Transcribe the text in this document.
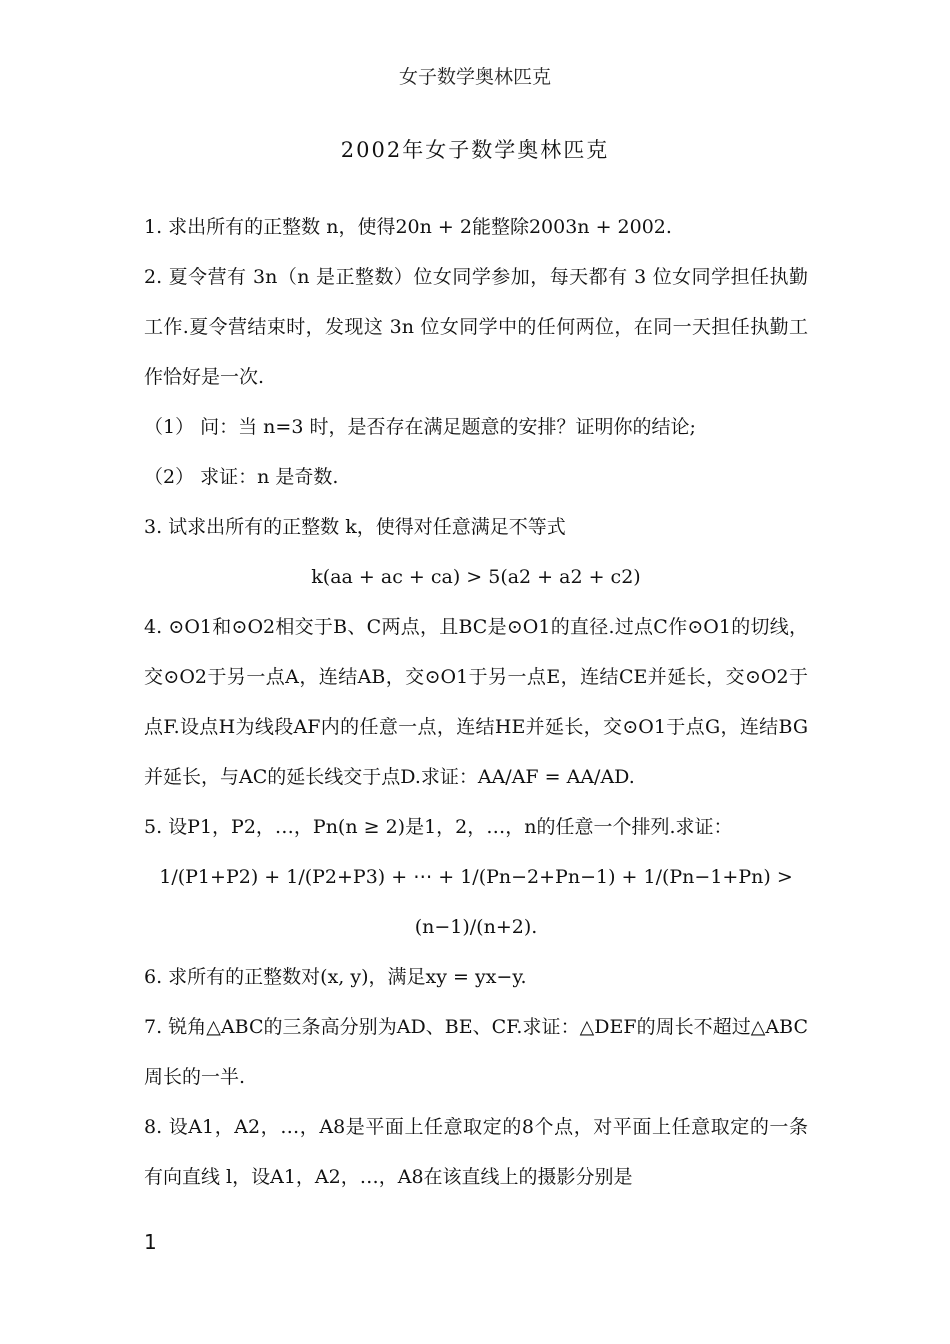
女子数学奥林匹克
2002年女子数学奥林匹克

1. 求出所有的正整数 n，使得20n + 2能整除2003n + 2002.

2. 夏令营有 3n（n 是正整数）位女同学参加，每天都有 3 位女同学担任执勤工作.夏令营结束时，发现这 3n 位女同学中的任何两位，在同一天担任执勤工作恰好是一次.

（1） 问：当 n=3 时，是否存在满足题意的安排？证明你的结论;

（2） 求证：n 是奇数.

3. 试求出所有的正整数 k，使得对任意满足不等式

k(aa + ac + ca) > 5(a2 + a2 + c2)

4. ⊙O1和⊙O2相交于B、C两点，且BC是⊙O1的直径.过点C作⊙O1的切线，交⊙O2于另一点A，连结AB，交⊙O1于另一点E，连结CE并延长，交⊙O2于点F.设点H为线段AF内的任意一点，连结HE并延长，交⊙O1于点G，连结BG并延长，与AC的延长线交于点D.求证：AA/AF = AA/AD.

5. 设P1，P2，…，Pn(n ≥ 2)是1，2，…，n的任意一个排列.求证：

1/(P1+P2) + 1/(P2+P3) + ⋯ + 1/(Pn−2+Pn−1) + 1/(Pn−1+Pn) > (n−1)/(n+2).

6. 求所有的正整数对(x, y)，满足xy = yx−y.

7. 锐角△ABC的三条高分别为AD、BE、CF.求证：△DEF的周长不超过△ABC周长的一半.

8. 设A1，A2，…，A8是平面上任意取定的8个点，对平面上任意取定的一条有向直线 l，设A1，A2，…，A8在该直线上的摄影分别是

1
